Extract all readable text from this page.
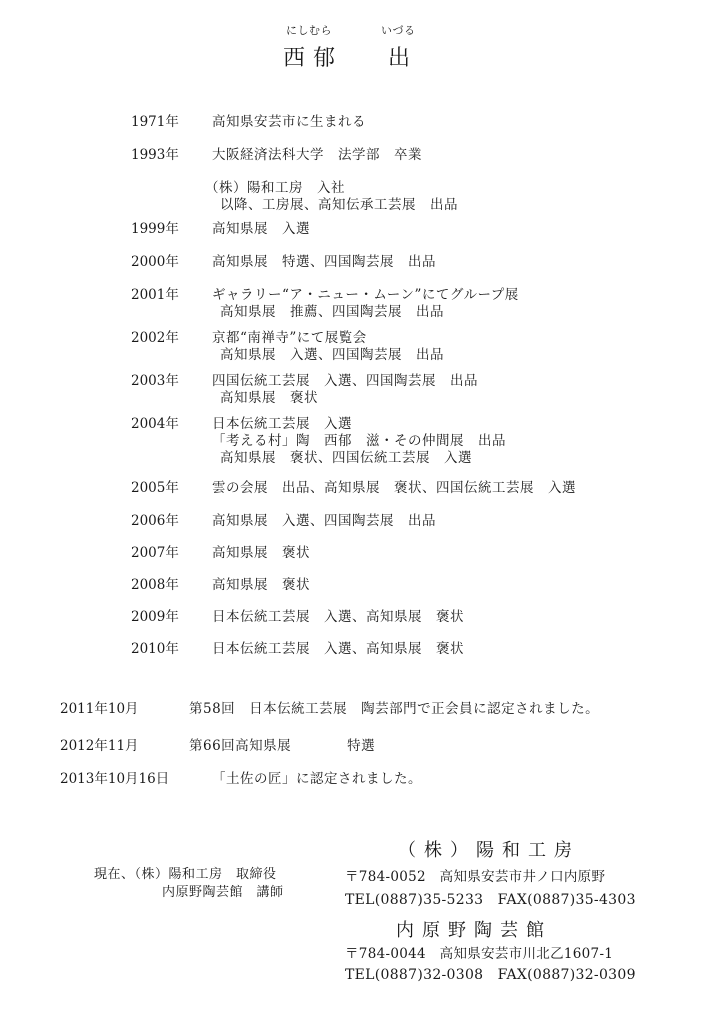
にしむら	いづる
西 郁 出
1971年 高知県安芸市に生まれる
1993年 大阪経済法科大学　法学部　卒業
（株）陽和工房　入社
以降、工房展、高知伝承工芸展　出品
1999年 高知県展　入選
2000年 高知県展　特選、四国陶芸展　出品
2001年 ギャラリー“ア・ニュー・ムーン”にてグループ展
高知県展　推薦、四国陶芸展　出品
2002年 京都“南禅寺”にて展覧会
高知県展　入選、四国陶芸展　出品
2003年 四国伝統工芸展　入選、四国陶芸展　出品
高知県展　褒状
2004年 日本伝統工芸展　入選
「考える村」陶　西郁　滋・その仲間展　出品
高知県展　褒状、四国伝統工芸展　入選
2005年 雲の会展　出品、高知県展　褒状、四国伝統工芸展　入選
2006年 高知県展　入選、四国陶芸展　出品
2007年 高知県展　褒状
2008年 高知県展　褒状
2009年 日本伝統工芸展　入選、高知県展　褒状
2010年 日本伝統工芸展　入選、高知県展　褒状
2011年10月	第58回　日本伝統工芸展　陶芸部門で正会員に認定されました。
2012年11月	第66回高知県展　　　　特選
2013年10月16日	「土佐の匠」に認定されました。
現在、（株）陽和工房　取締役
内原野陶芸館　講師
（株）陽和工房
〒784-0052　高知県安芸市井ノ口内原野
TEL(0887)35-5233　FAX(0887)35-4303
内原野陶芸館
〒784-0044　高知県安芸市川北乙1607-1
TEL(0887)32-0308　FAX(0887)32-0309
